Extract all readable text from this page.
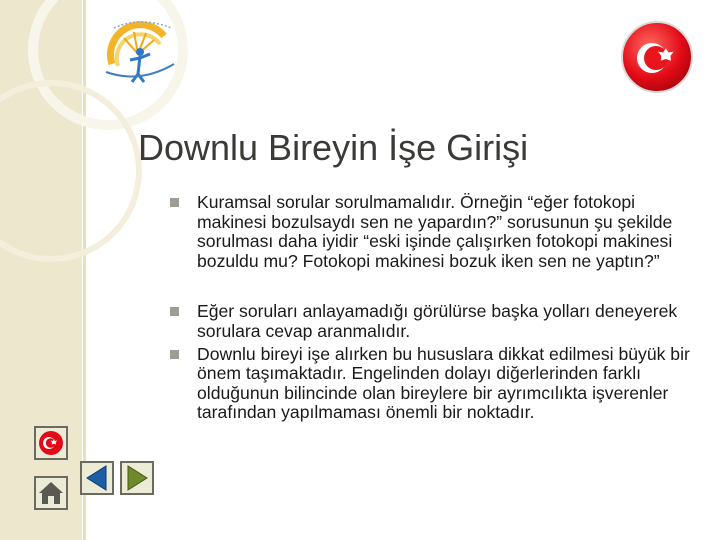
Downlu Bireyin İşe Girişi
Kuramsal sorular sorulmamalıdır. Örneğin “eğer fotokopi makinesi bozulsaydı sen ne yapardın?” sorusunun şu şekilde sorulması daha iyidir “eski işinde çalışırken fotokopi makinesi bozuldu mu? Fotokopi makinesi bozuk iken sen ne yaptın?”
Eğer soruları anlayamadığı görülürse başka yolları deneyerek sorulara cevap aranmalıdır.
Downlu bireyi işe alırken bu hususlara dikkat edilmesi büyük bir önem taşımaktadır. Engelinden dolayı diğerlerinden farklı olduğunun bilincinde olan bireylere bir ayrımcılıkta işverenler tarafından yapılmaması önemli bir noktadır.
